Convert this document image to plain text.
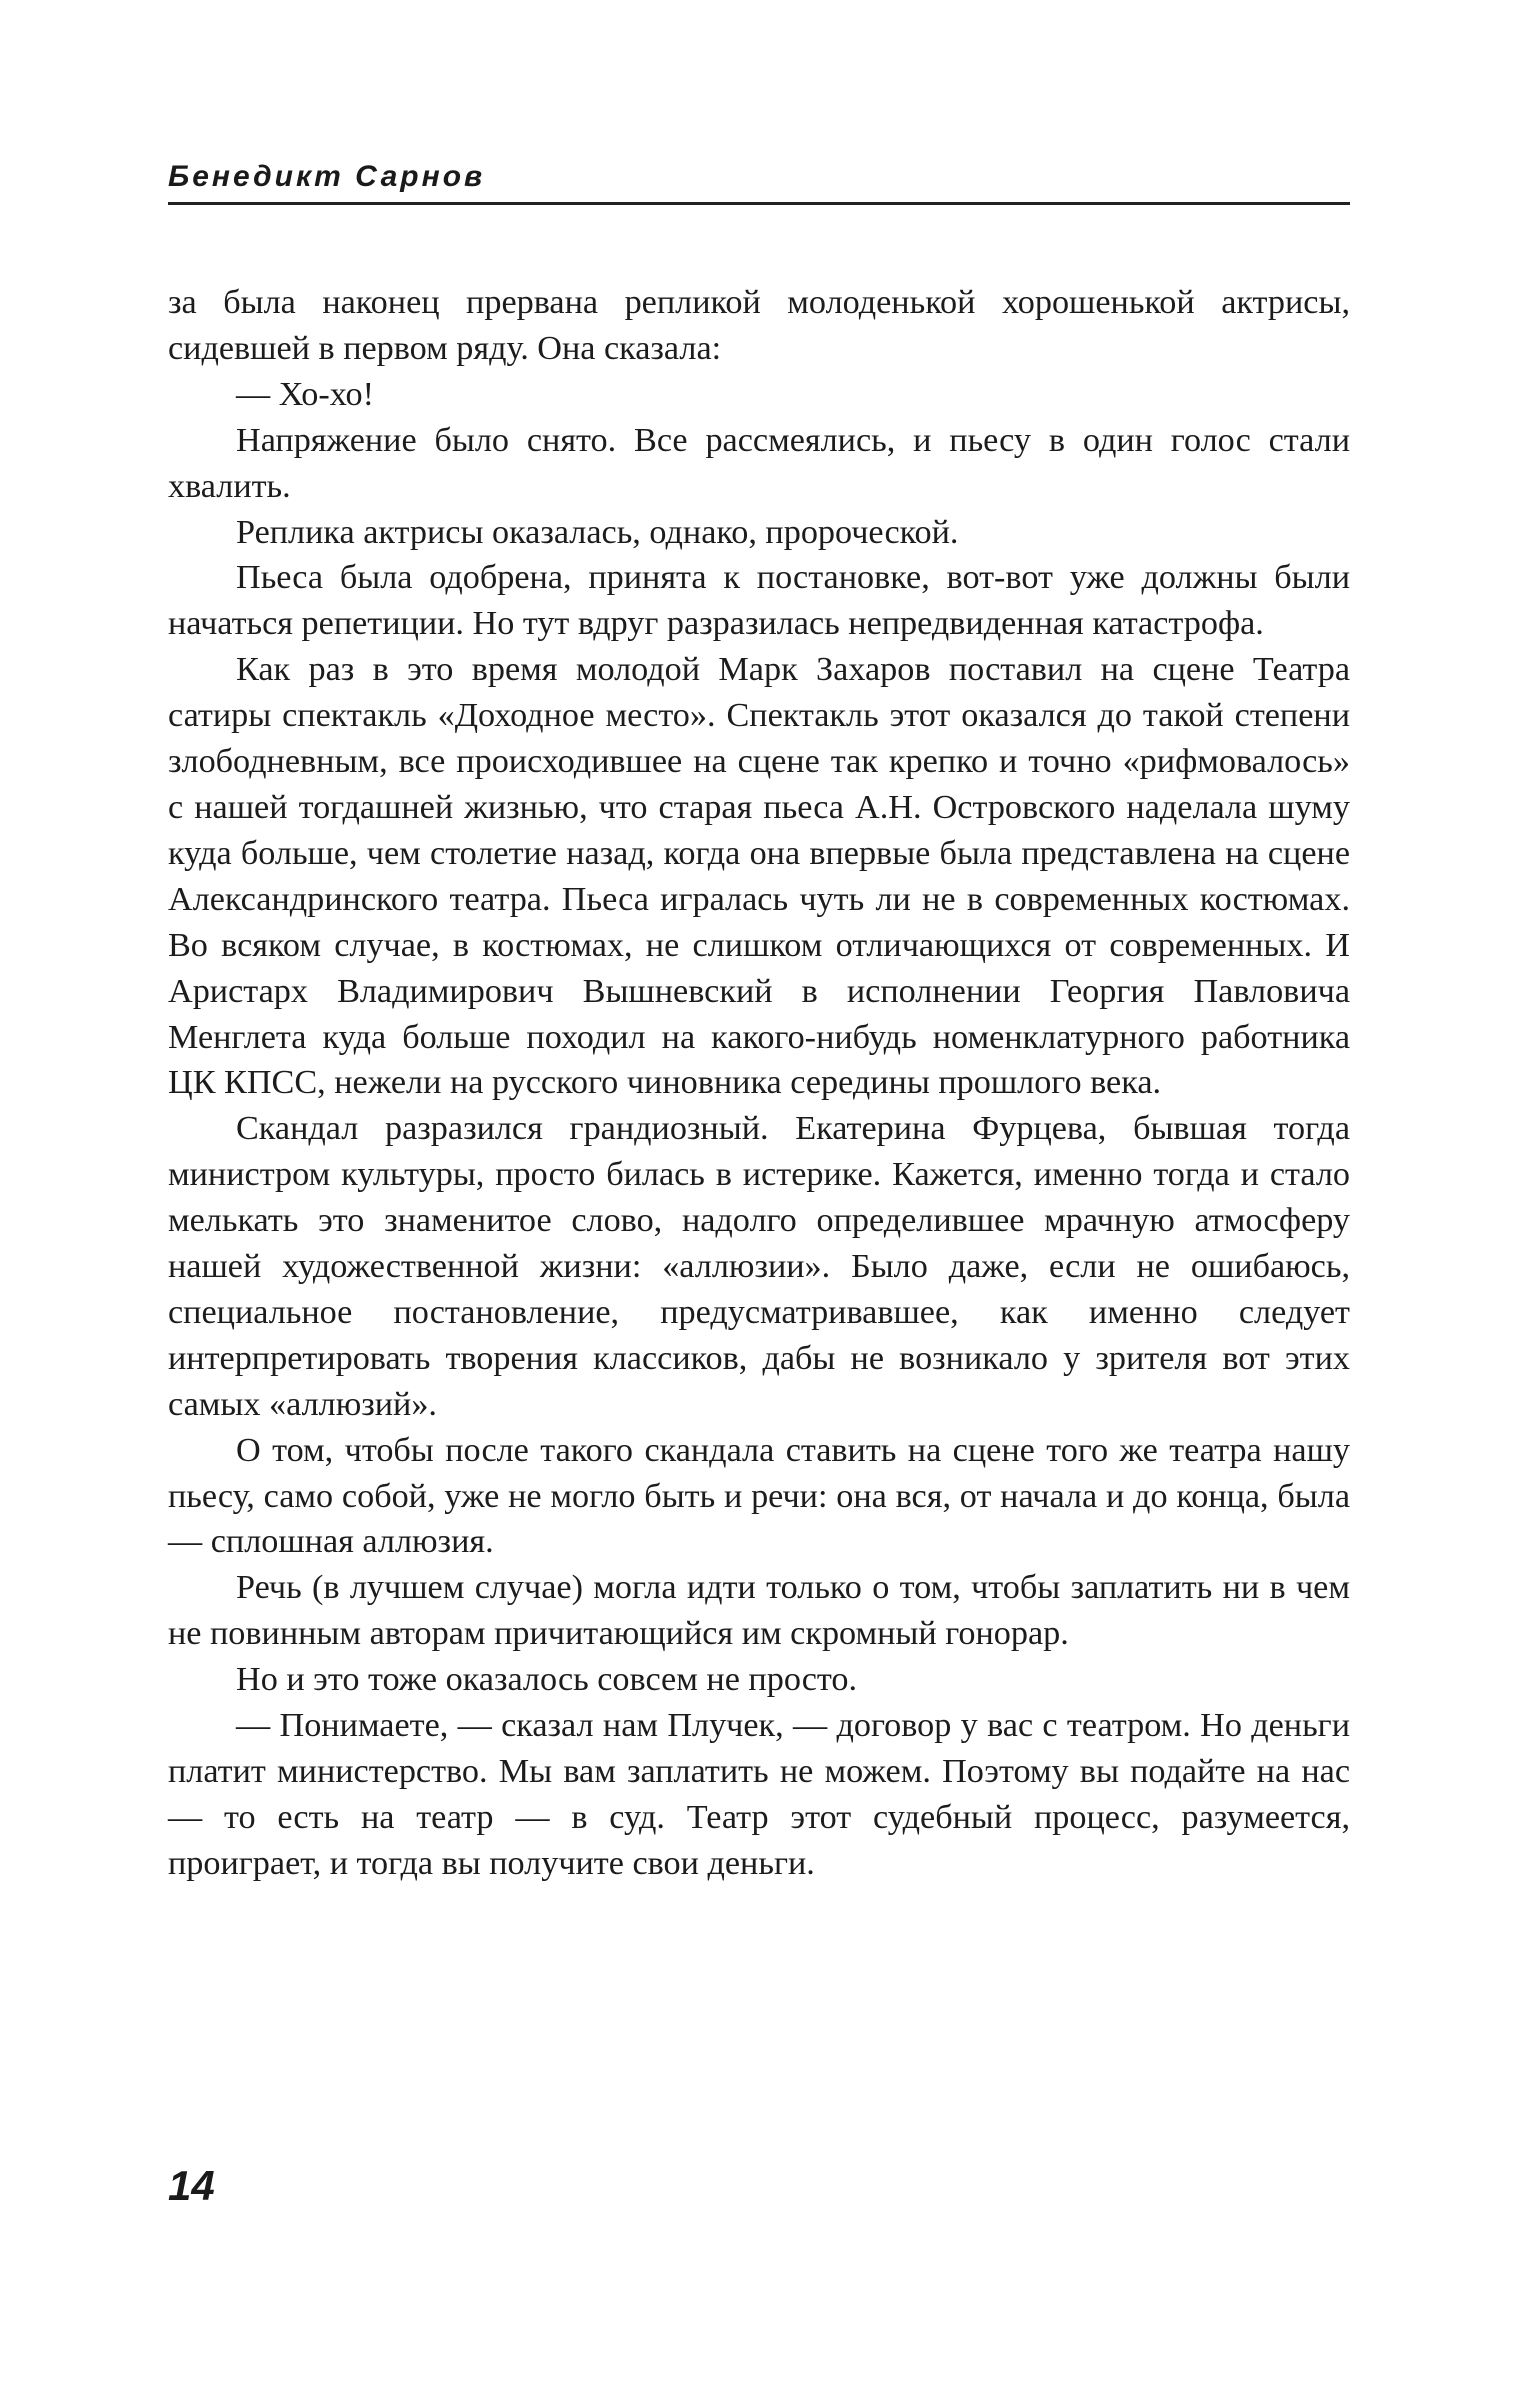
Бенедикт Сарнов

за была наконец прервана репликой молоденькой хорошенькой актрисы, сидевшей в первом ряду. Она сказала:

— Хо-хо!

Напряжение было снято. Все рассмеялись, и пьесу в один голос стали хвалить.

Реплика актрисы оказалась, однако, пророческой.

Пьеса была одобрена, принята к постановке, вот-вот уже должны были начаться репетиции. Но тут вдруг разразилась непредвиденная катастрофа.

Как раз в это время молодой Марк Захаров поставил на сцене Театра сатиры спектакль «Доходное место». Спектакль этот оказался до такой степени злободневным, все происходившее на сцене так крепко и точно «рифмовалось» с нашей тогдашней жизнью, что старая пьеса А.Н. Островского наделала шуму куда больше, чем столетие назад, когда она впервые была представлена на сцене Александринского театра. Пьеса игралась чуть ли не в современных костюмах. Во всяком случае, в костюмах, не слишком отличающихся от современных. И Аристарх Владимирович Вышневский в исполнении Георгия Павловича Менглета куда больше походил на какого-нибудь номенклатурного работника ЦК КПСС, нежели на русского чиновника середины прошлого века.

Скандал разразился грандиозный. Екатерина Фурцева, бывшая тогда министром культуры, просто билась в истерике. Кажется, именно тогда и стало мелькать это знаменитое слово, надолго определившее мрачную атмосферу нашей художественной жизни: «аллюзии». Было даже, если не ошибаюсь, специальное постановление, предусматривавшее, как именно следует интерпретировать творения классиков, дабы не возникало у зрителя вот этих самых «аллюзий».

О том, чтобы после такого скандала ставить на сцене того же театра нашу пьесу, само собой, уже не могло быть и речи: она вся, от начала и до конца, была — сплошная аллюзия.

Речь (в лучшем случае) могла идти только о том, чтобы заплатить ни в чем не повинным авторам причитающийся им скромный гонорар.

Но и это тоже оказалось совсем не просто.

— Понимаете, — сказал нам Плучек, — договор у вас с театром. Но деньги платит министерство. Мы вам заплатить не можем. Поэтому вы подайте на нас — то есть на театр — в суд. Театр этот судебный процесс, разумеется, проиграет, и тогда вы получите свои деньги.

14
